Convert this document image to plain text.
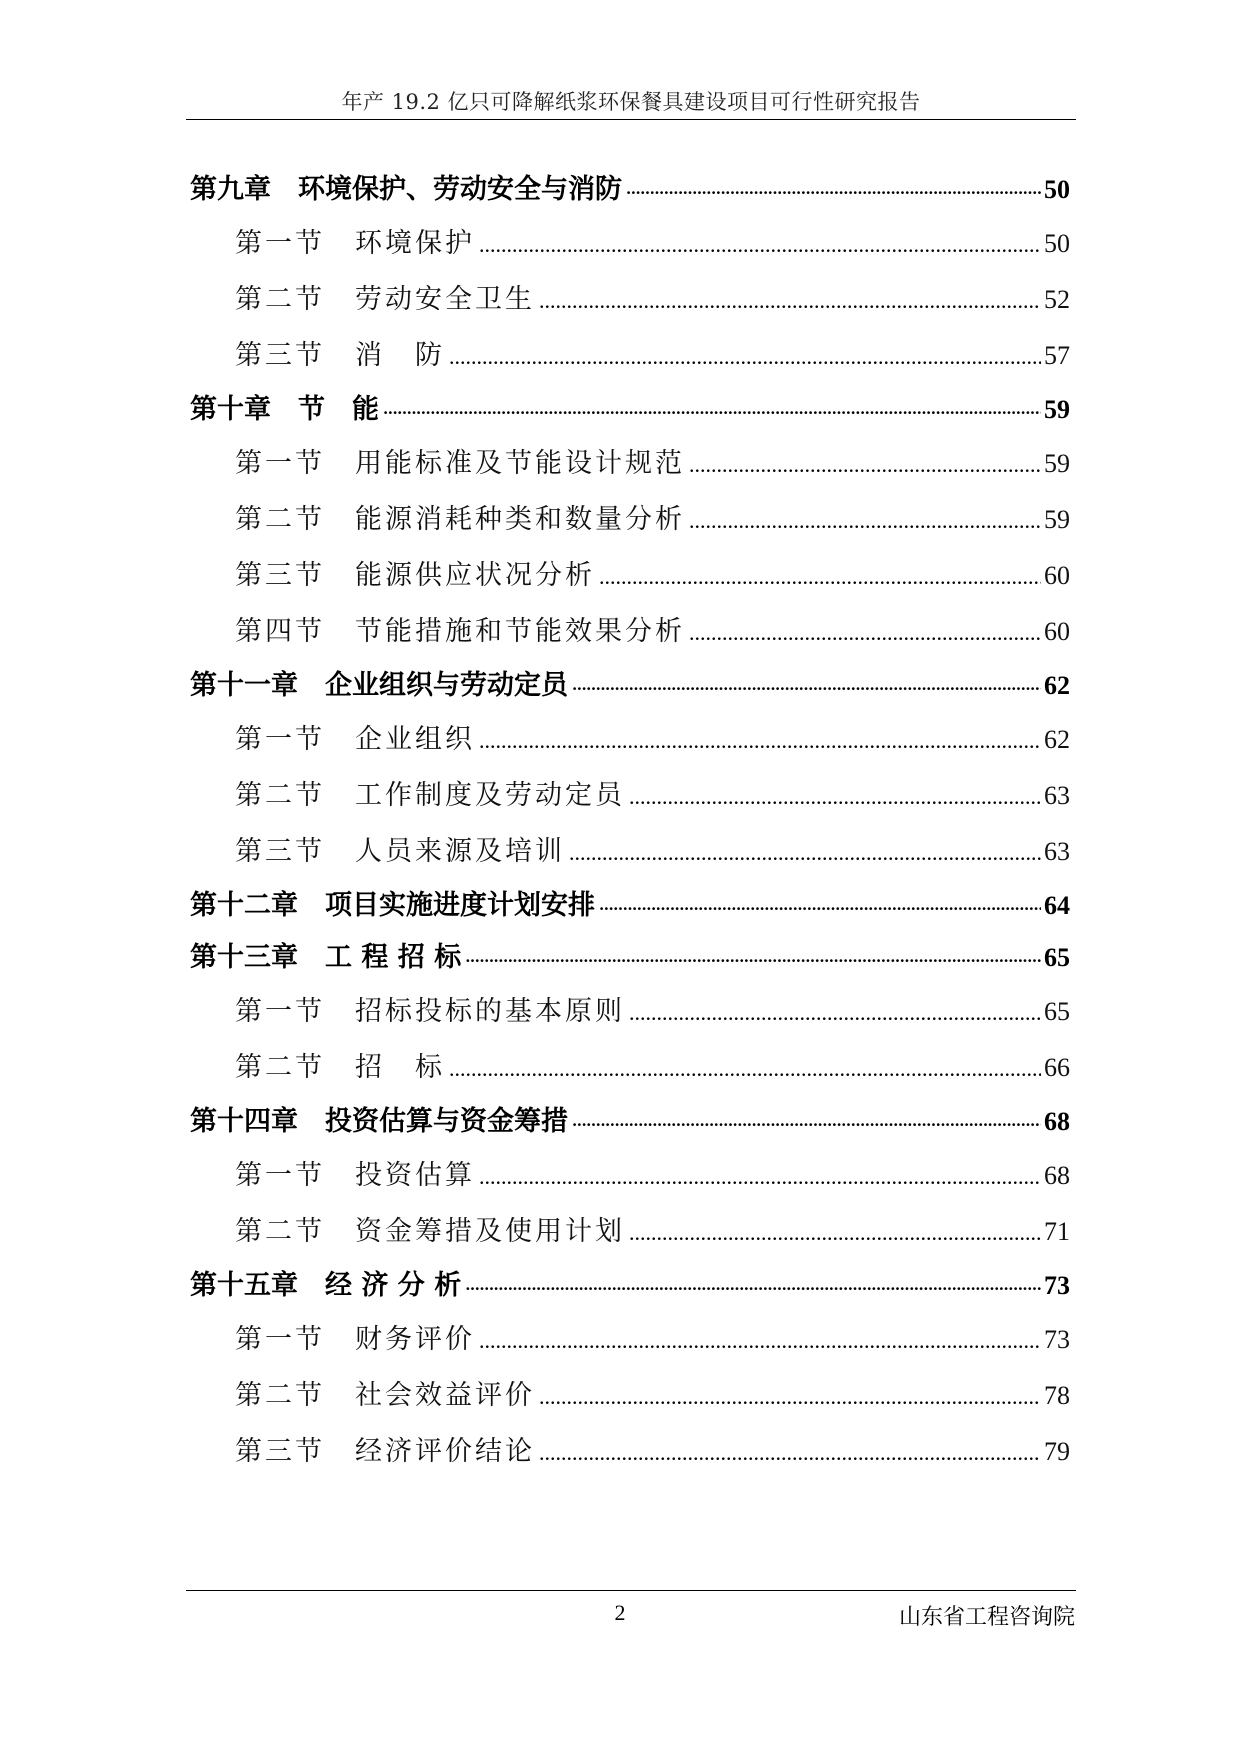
年产 19.2 亿只可降解纸浆环保餐具建设项目可行性研究报告
第九章　环境保护、劳动安全与消防 ·····	50
第一节　环境保护 .....	50
第二节　劳动安全卫生 .....	52
第三节　消　防 .....	57
第十章　节　能 ·····	59
第一节　用能标准及节能设计规范 .....	59
第二节　能源消耗种类和数量分析 .....	59
第三节　能源供应状况分析 .....	60
第四节　节能措施和节能效果分析 .....	60
第十一章　企业组织与劳动定员 ·····	62
第一节　企业组织 .....	62
第二节　工作制度及劳动定员 .....	63
第三节　人员来源及培训 .....	63
第十二章　项目实施进度计划安排 ·····	64
第十三章　工 程 招 标 ·····	65
第一节　招标投标的基本原则 .....	65
第二节　招　标 .....	66
第十四章　投资估算与资金筹措 ·····	68
第一节　投资估算 .....	68
第二节　资金筹措及使用计划 .....	71
第十五章　经 济 分 析 ·····	73
第一节　财务评价 .....	73
第二节　社会效益评价 .....	78
第三节　经济评价结论 .....	79
2	山东省工程咨询院
